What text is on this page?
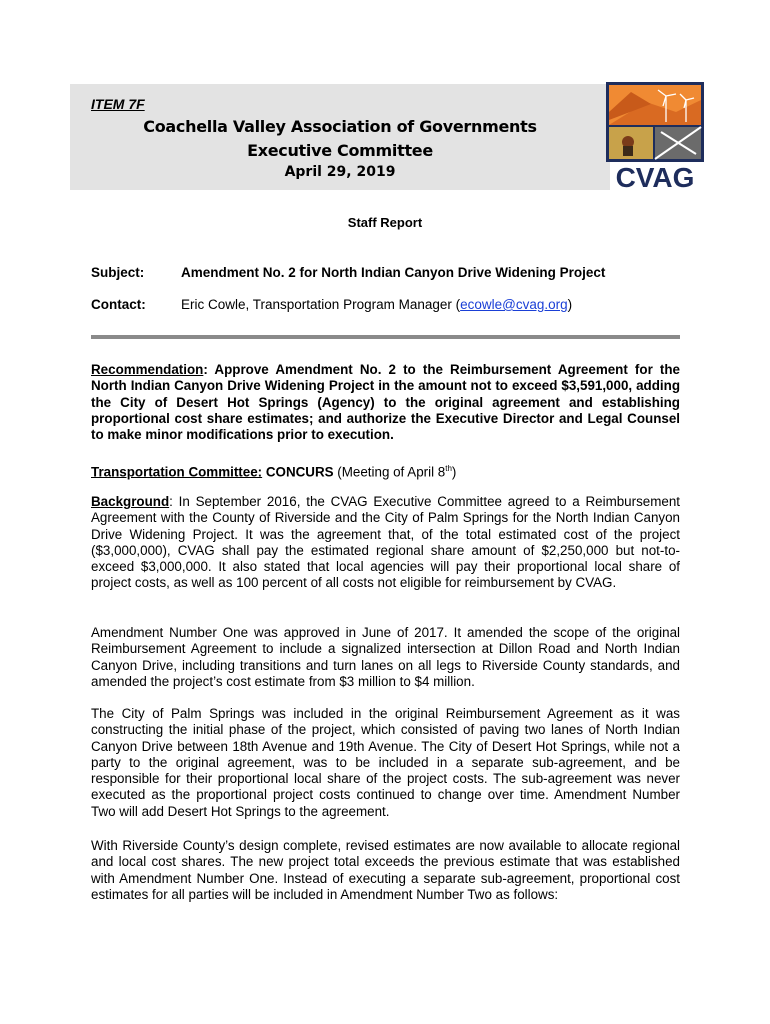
ITEM 7F
Coachella Valley Association of Governments
Executive Committee
April 29, 2019	CVAG
Staff Report
Subject:	Amendment No. 2 for North Indian Canyon Drive Widening Project
Contact:	Eric Cowle, Transportation Program Manager (ecowle@cvag.org)
Recommendation: Approve Amendment No. 2 to the Reimbursement Agreement for the North Indian Canyon Drive Widening Project in the amount not to exceed $3,591,000, adding the City of Desert Hot Springs (Agency) to the original agreement and establishing proportional cost share estimates; and authorize the Executive Director and Legal Counsel to make minor modifications prior to execution.
Transportation Committee: CONCURS (Meeting of April 8th)
Background: In September 2016, the CVAG Executive Committee agreed to a Reimbursement Agreement with the County of Riverside and the City of Palm Springs for the North Indian Canyon Drive Widening Project. It was the agreement that, of the total estimated cost of the project ($3,000,000), CVAG shall pay the estimated regional share amount of $2,250,000 but not-to-exceed $3,000,000. It also stated that local agencies will pay their proportional local share of project costs, as well as 100 percent of all costs not eligible for reimbursement by CVAG.
Amendment Number One was approved in June of 2017. It amended the scope of the original Reimbursement Agreement to include a signalized intersection at Dillon Road and North Indian Canyon Drive, including transitions and turn lanes on all legs to Riverside County standards, and amended the project’s cost estimate from $3 million to $4 million.
The City of Palm Springs was included in the original Reimbursement Agreement as it was constructing the initial phase of the project, which consisted of paving two lanes of North Indian Canyon Drive between 18th Avenue and 19th Avenue. The City of Desert Hot Springs, while not a party to the original agreement, was to be included in a separate sub-agreement, and be responsible for their proportional local share of the project costs. The sub-agreement was never executed as the proportional project costs continued to change over time. Amendment Number Two will add Desert Hot Springs to the agreement.
With Riverside County’s design complete, revised estimates are now available to allocate regional and local cost shares. The new project total exceeds the previous estimate that was established with Amendment Number One. Instead of executing a separate sub-agreement, proportional cost estimates for all parties will be included in Amendment Number Two as follows:
